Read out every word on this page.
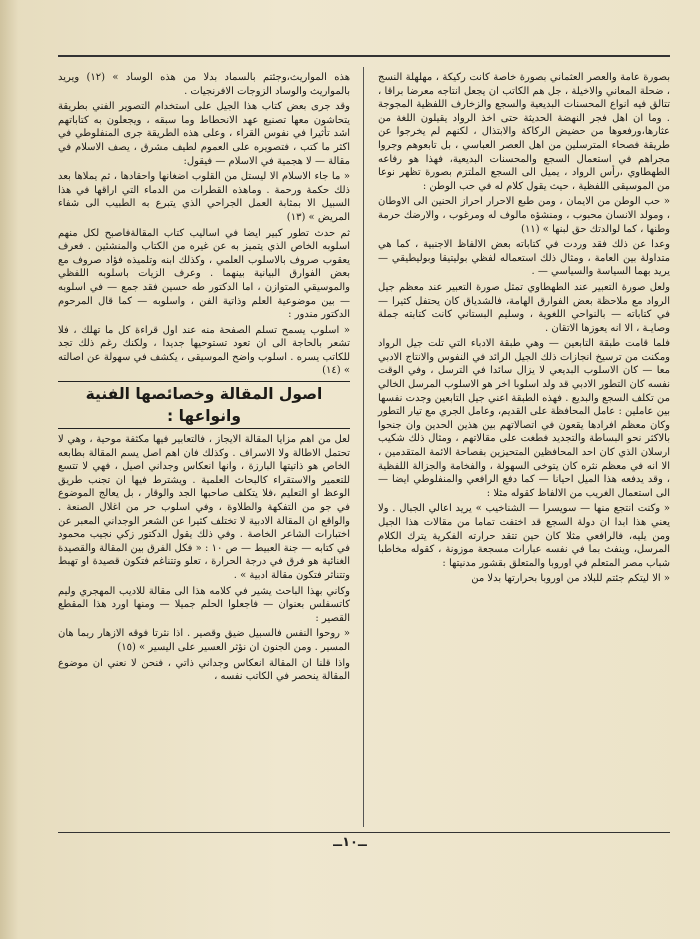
بصورة عامة والعصر العثماني بصورة خاصة كانت ركيكة ، مهلهلة النسج ، ضحلة المعاني والاخيلة ، جل هم الكاتب ان يجعل انتاجه معرضا براقا ، تتالق فيه انواع المحسنات البديعية والسجع والزخارف اللفظية المجوجة . وما ان اهل فجر النهضة الحديثة حتى اخذ الرواد يقيلون اللغة من عثارها،ورفعوها من حضيض الركاكة والابتذال ، لكنهم لم يخرجوا عن طريقة فصحاء المترسلين من اهل العصر العباسي ، بل تابعوهم وجروا مجراهم في استعمال السجع والمحسنات البديعية، فهذا هو رفاعه الطهطاوي ،رأس الرواد ، يميل الى السجع الملتزم بصورة تظهر نوعا من الموسيقى اللفظية ، حيث يقول كلام له في حب الوطن :

« حب الوطن من الايمان ، ومن طبع الاحرار احراز الحنين الى الاوطان ، ومولد الانسان محبوب ، ومنشؤه مالوف له ومرغوب ، والارضك حرمة وطنها ، كما لوالدتك حق لبنها » (١١)

وعدا عن ذلك فقد وردت في كتاباته بعض الالفاظ الاجنبية ، كما هي متداولة بين العامة ، ومثال ذلك استعماله لفظي بوليتيقا وبوليطيقي — يريد بهما السياسة والسياسي — .

ولعل صورة التعبير عند الطهطاوي تمثل صورة التعبير عند معظم جيل الرواد مع ملاحظة بعض الفوارق الهامة، فالشدياق كان يحتفل كثيرا — في كتاباته — بالنواحي اللغوية ، وسليم البستاني كانت كتابته جملة وصايـة ، الا انه يعوزها الاتقان .

فلما قامت طبقة التابعين — وهي طبقة الادباء التي تلت جيل الرواد ومكنت من ترسيخ انجازات ذلك الجيل الرائد في النفوس والانتاج الادبي معا — كان الاسلوب البديعي لا يزال سائدا في الترسل ، وفي الوقت نفسه كان التطور الادبي قد ولد اسلوبا اخر هو الاسلوب المرسل الخالي من تكلف السجع والبديع . فهذه الطبقة اعني جيل التابعين وجدت نفسها بين عاملين : عامل المحافظة على القديم، وعامل الجري مع تيار التطور وكان معظم افرادها يقعون في اتصالاتهم بين هذين الحدين وان جنحوا بالاكثر نحو البساطة والتجديد فطغت على مقالاتهم ، ومثال ذلك شكيب ارسلان الذي كان احد المحافظين المتحيزين بفصاحة الائمة المتقدمين ، الا انه في معظم نثره كان يتوخى السهولة ، والفخامة والجزالة اللفظية ، وقد يدفعه هذا الميل احيانا — كما دفع الرافعي والمنفلوطي ايضا — الى استعمال الغريب من الالفاظ كقوله مثلا :

« وكنت انتجع منها — سويسرا — الشناخيب » يريد اعالي الجبال . ولا يعني هذا ابدا ان دولة السجع قد اختفت تماما من مقالات هذا الجيل ومن يليه، فالرافعي مثلا كان حين تتقد حرارته الفكرية يترك الكلام المرسل، وينفث بما في نفسه عبارات مسجعة موزونة ، كقوله مخاطبا شباب مصر المتعلم في اوروبا والمتعلق بقشور مدنيتها :

« الا ليتكم جئتم للبلاد من اوروبا بحرارتها بدلا من

هذه المواريث،وجئتم بالسماد بدلا من هذه الوساد » (١٢) ويريد بالمواريث والوساد الزوجات الافرنجيات .

وقد جرى بعض كتاب هذا الجيل على استخدام التصوير الفني بطريقة يتحاشون معها تصنيع عهد الانحطاط وما سبقه ، ويجعلون به كتاباتهم اشد تأثيرا في نفوس القراء ، وعلى هذه الطريقة جرى المنفلوطي في اكثر ما كتب ، فتصويره على العموم لطيف مشرق ، يصف الاسلام في مقالة — لا هجمية في الاسلام — فيقول:

« ما جاء الاسلام الا ليستل من القلوب اضغانها واحقادها ، ثم يملاها بعد ذلك حكمة ورحمة . وماهذه القطرات من الدماء التي اراقها في هذا السبيل الا بمثابة العمل الجراحي الذي يتبرع به الطبيب الى شفاء المريض » (١٣)

ثم حدث تطور كبير ايضا في اساليب كتاب المقالةفاصبح لكل منهم اسلوبه الخاص الذي يتميز به عن غيره من الكتاب والمنشئين . فعرف يعقوب صروف بالاسلوب العلمي ، وكذلك ابنه وتلميذه فؤاد صروف مع بعض الفوارق البيانية بينهما . وعرف الزيات باسلوبه اللفظي والموسيقي المتوازن ، اما الدكتور طه حسين فقد جمع — في اسلوبه — بين موضوعية العلم وذاتية الفن ، واسلوبه — كما قال المرحوم الدكتور مندور :

« اسلوب يسمح تسلم الصفحة منه عند اول قراءة كل ما تهلك ، فلا تشعر بالحاجة الى ان تعود تستوحيها جديدا ، ولكنك رغم ذلك تجد للكاتب يسره . اسلوب واضح الموسيقى ، يكشف في سهولة عن اصالته » (١٤)

اصول المقالة وخصائصها الفنية وانواعها :

لعل من اهم مزايا المقالة الايجاز ، فالتعابير فيها مكثفة موحية ، وهي لا تحتمل الاطالة ولا الاسراف . وكذلك فان اهم اصل يسم المقالة بطابعه الخاص هو ذاتيتها البارزة ، وانها انعكاس وجداني اصيل ، فهي لا تتسع للتعمير والاستقراء كالبحاث العلمية . ويشترط فيها ان تجنب طريق الوعظ او التعليم ،فلا يتكلف صاحبها الجد والوقار ، بل يعالج الموضوع في جو من التفكهة والطلاوة ، وفي اسلوب حر من اغلال الصنعة . والواقع ان المقالة الادبية لا تختلف كثيرا عن الشعر الوجداني المعبر عن اختبارات الشاعر الخاصة . وفي ذلك يقول الدكتور زكي نجيب محمود في كتابه — جنة العبيط — ص ١٠ : « فكل الفرق بين المقالة والقصيدة الغنائية هو فرق في درجة الحرارة ، تعلو وتتناغم فتكون قصيدة او تهبط وتتناثر فتكون مقالة ادبية » .

وكاني بهذا الباحث يشير في كلامه هذا الى مقالة للاديب المهجري وليم كاتسفلس بعنوان — فاجعلوا الحلم جميلا — ومنها اورد هذا المقطع القصير :

« روحوا النفس فالسبيل ضيق وقصير . اذا نثرتا فوقه الازهار ربما هان المسير . ومن الجنون ان نؤثر العسير على اليسير » (١٥)

واذا قلنا ان المقالة انعكاس وجداني ذاتي ، فنحن لا نعني ان موضوع المقالة ينحصر في الكاتب نفسه ،

ــ١٠ــ
